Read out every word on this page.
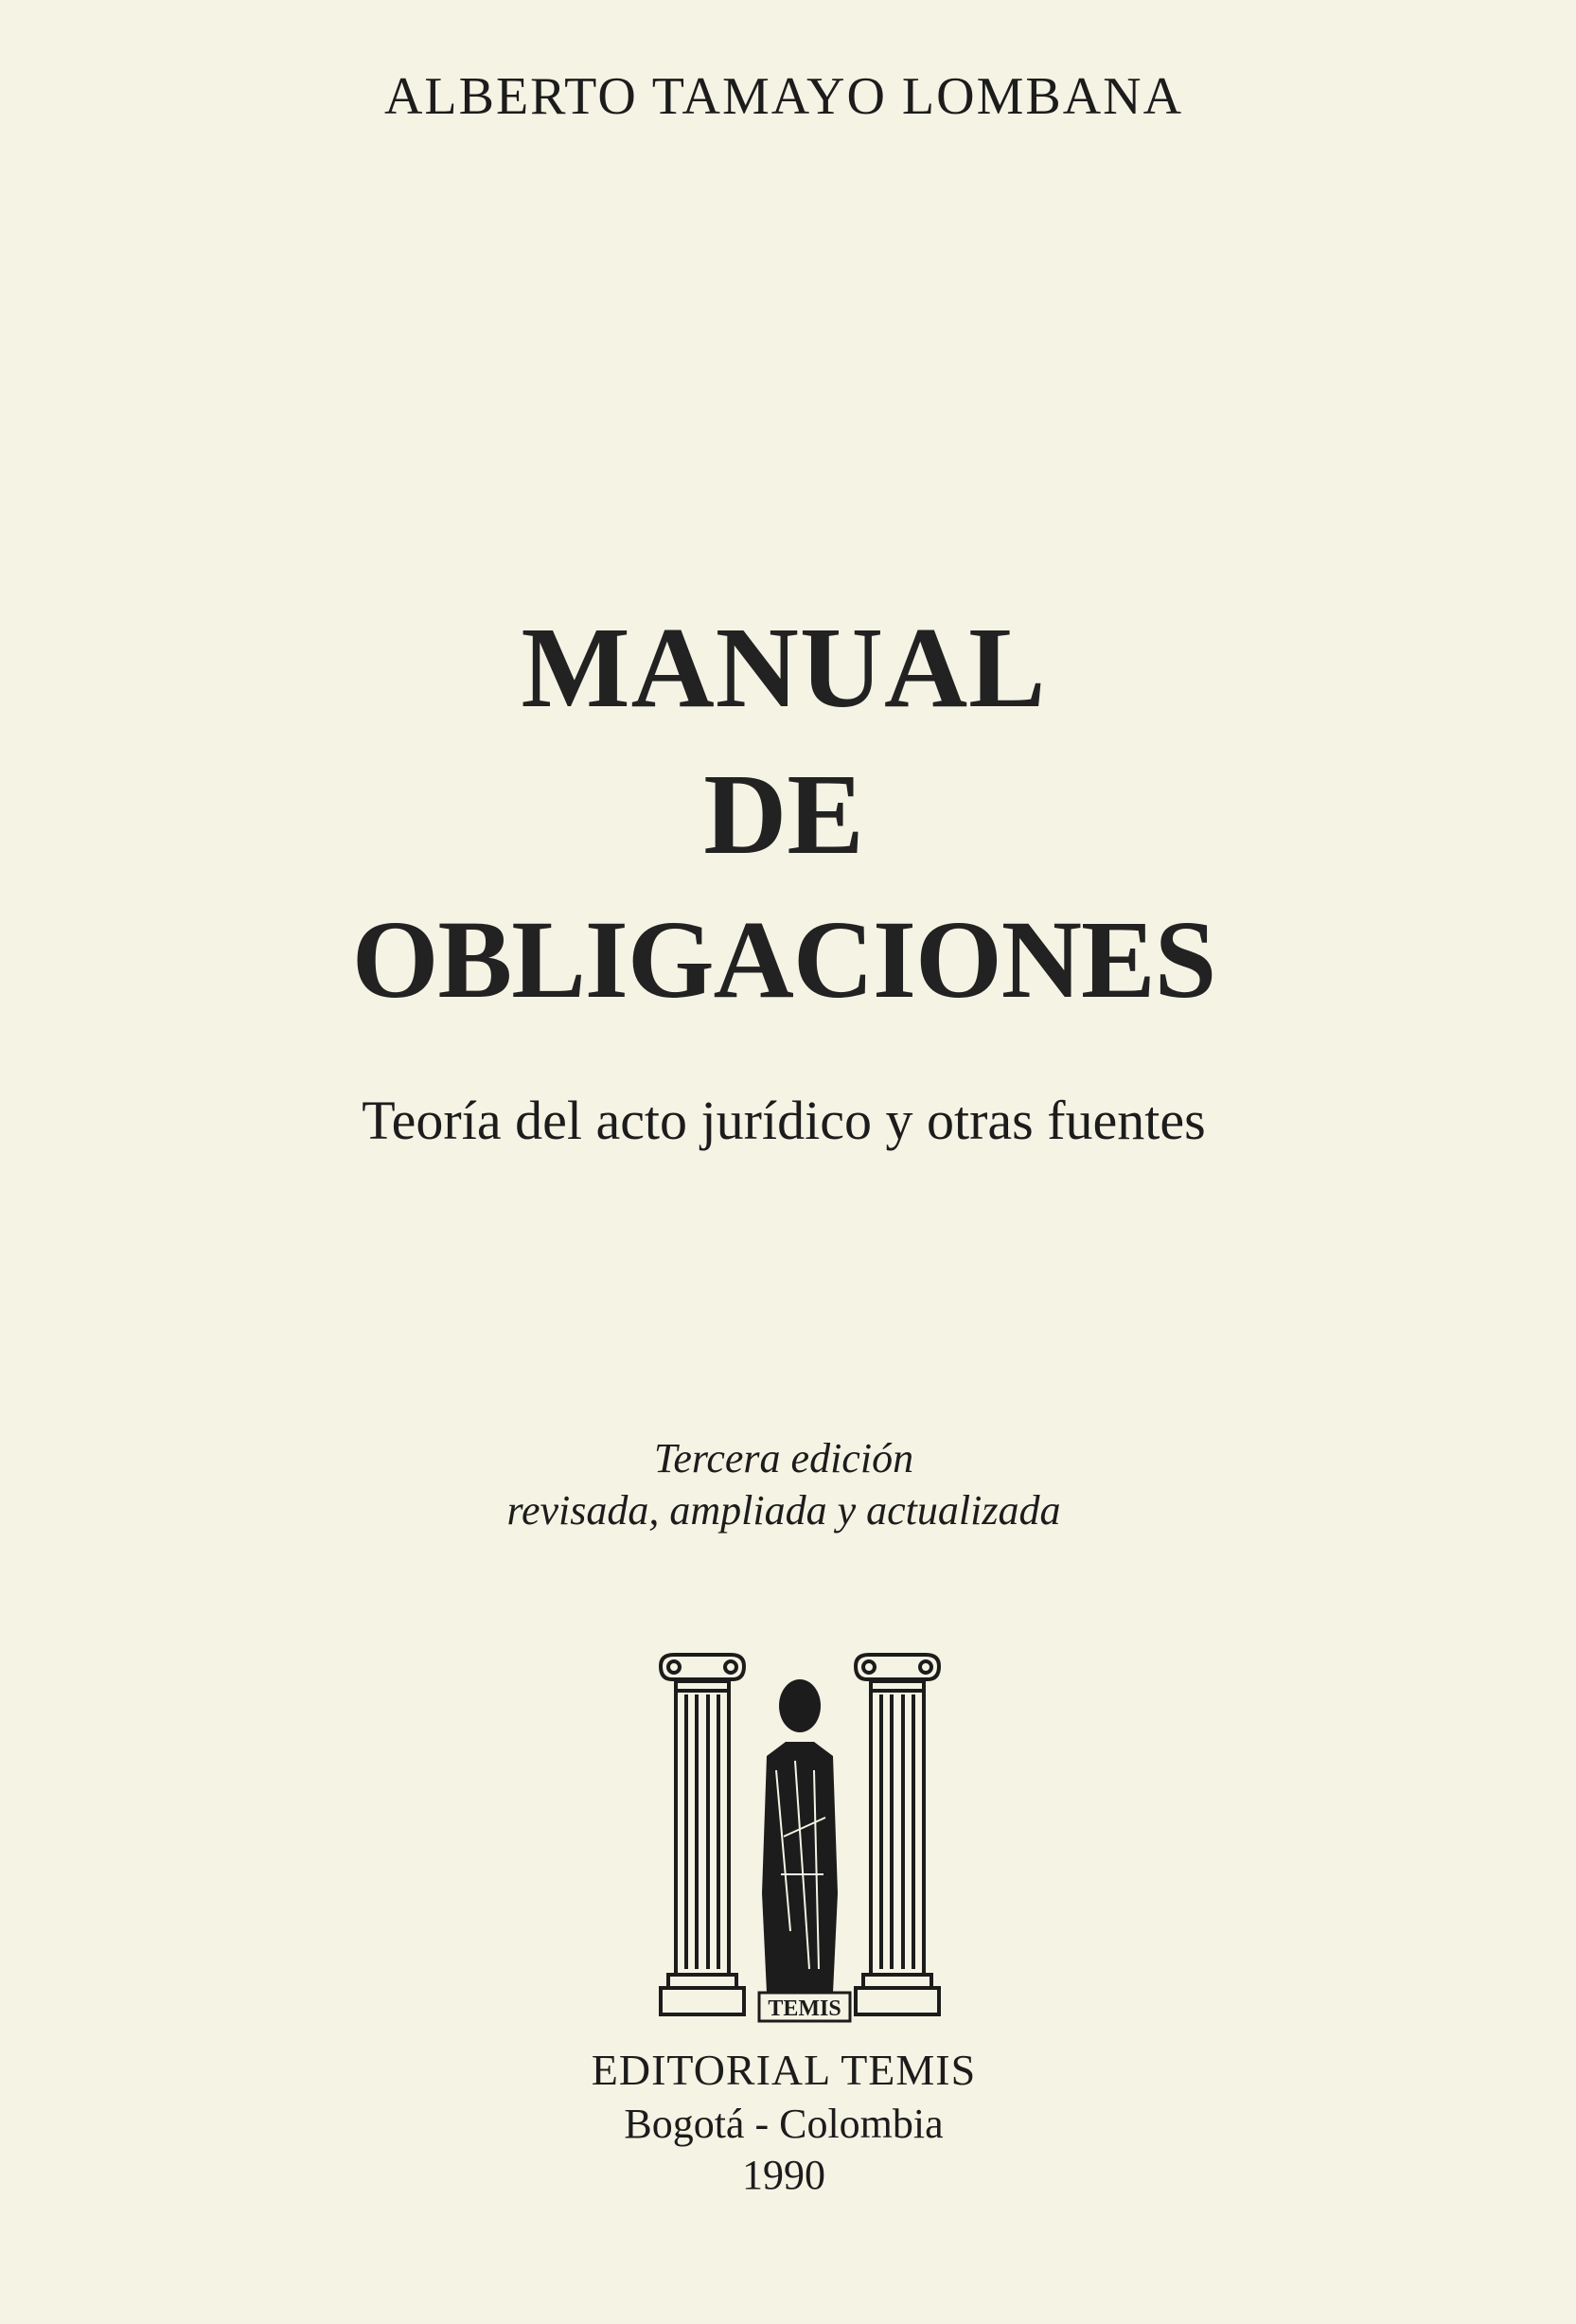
ALBERTO TAMAYO LOMBANA
MANUAL
DE
OBLIGACIONES
Teoría del acto jurídico y otras fuentes
Tercera edición
revisada, ampliada y actualizada
TEMIS
EDITORIAL TEMIS
Bogotá - Colombia
1990
